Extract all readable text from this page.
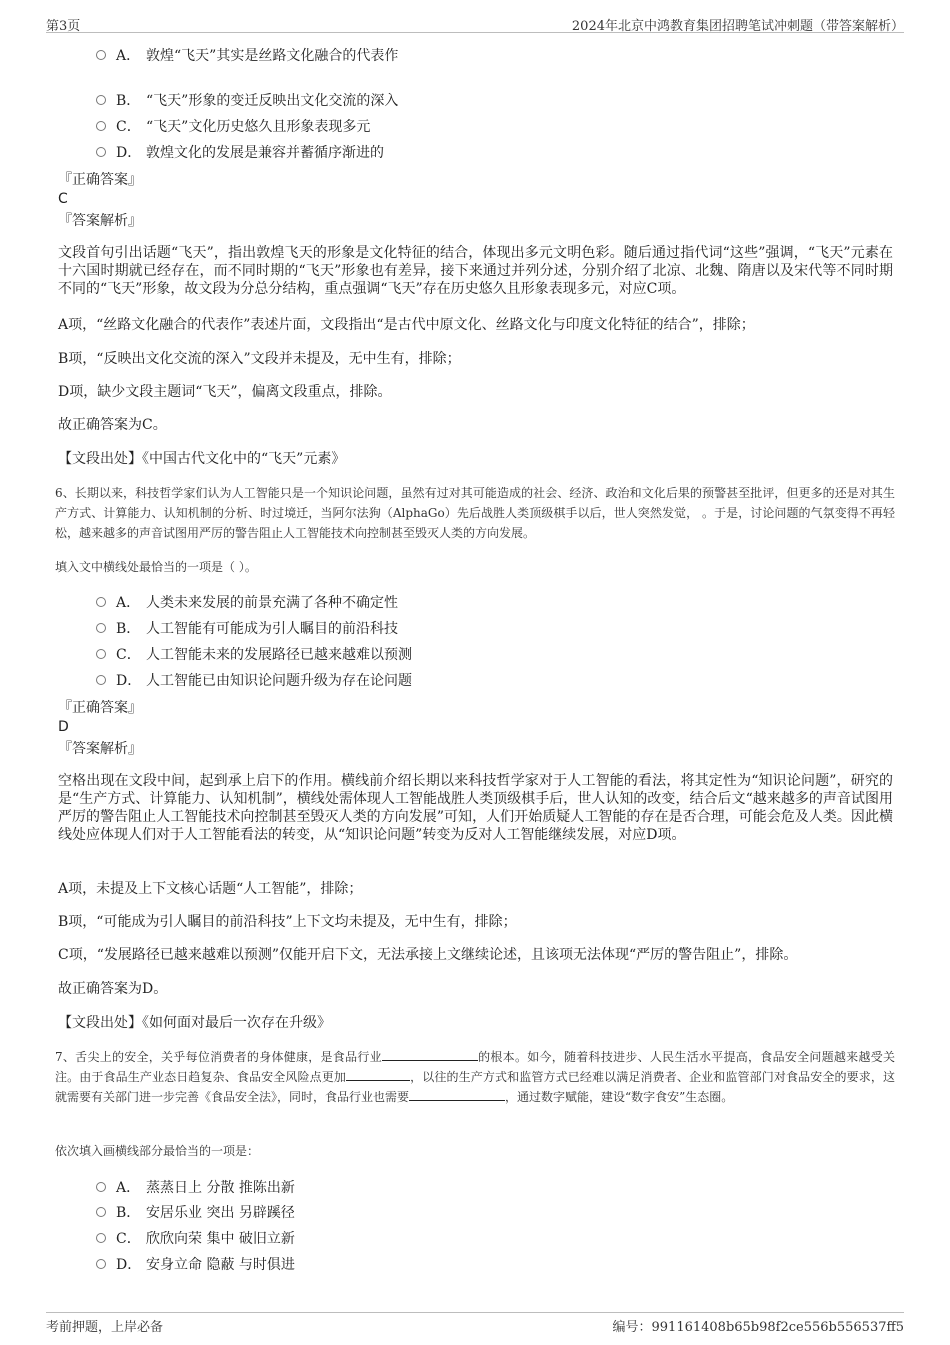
第3页	2024年北京中鸿教育集团招聘笔试冲刺题（带答案解析）
A． 敦煌“飞天”其实是丝路文化融合的代表作
B． “飞天”形象的变迁反映出文化交流的深入
C． “飞天”文化历史悠久且形象表现多元
D． 敦煌文化的发展是兼容并蓄循序渐进的
『正确答案』
C
『答案解析』
文段首句引出话题“飞天”，指出敦煌飞天的形象是文化特征的结合，体现出多元文明色彩。随后通过指代词“这些”强调，“飞天”元素在十六国时期就已经存在，而不同时期的“飞天”形象也有差异，接下来通过并列分述，分别介绍了北凉、北魏、隋唐以及宋代等不同时期不同的“飞天”形象，故文段为分总分结构，重点强调“飞天”存在历史悠久且形象表现多元，对应C项。
A项，“丝路文化融合的代表作”表述片面，文段指出“是古代中原文化、丝路文化与印度文化特征的结合”，排除；
B项，“反映出文化交流的深入”文段并未提及，无中生有，排除；
D项，缺少文段主题词“飞天”，偏离文段重点，排除。
故正确答案为C。
【文段出处】《中国古代文化中的“飞天”元素》
6、长期以来，科技哲学家们认为人工智能只是一个知识论问题，虽然有过对其可能造成的社会、经济、政治和文化后果的预警甚至批评，但更多的还是对其生产方式、计算能力、认知机制的分析、时过境迁，当阿尔法狗（AlphaGo）先后战胜人类顶级棋手以后，世人突然发觉， 。于是，讨论问题的气氛变得不再轻松，越来越多的声音试图用严厉的警告阻止人工智能技术向控制甚至毁灭人类的方向发展。
填入文中横线处最恰当的一项是（ ）。
A． 人类未来发展的前景充满了各种不确定性
B． 人工智能有可能成为引人瞩目的前沿科技
C． 人工智能未来的发展路径已越来越难以预测
D． 人工智能已由知识论问题升级为存在论问题
『正确答案』
D
『答案解析』
空格出现在文段中间，起到承上启下的作用。横线前介绍长期以来科技哲学家对于人工智能的看法，将其定性为“知识论问题”，研究的是“生产方式、计算能力、认知机制”，横线处需体现人工智能战胜人类顶级棋手后，世人认知的改变，结合后文“越来越多的声音试图用严厉的警告阻止人工智能技术向控制甚至毁灭人类的方向发展”可知，人们开始质疑人工智能的存在是否合理，可能会危及人类。因此横线处应体现人们对于人工智能看法的转变，从“知识论问题”转变为反对人工智能继续发展，对应D项。
A项，未提及上下文核心话题“人工智能”，排除；
B项，“可能成为引人瞩目的前沿科技”上下文均未提及，无中生有，排除；
C项，“发展路径已越来越难以预测”仅能开启下文，无法承接上文继续论述，且该项无法体现“严厉的警告阻止”，排除。
故正确答案为D。
【文段出处】《如何面对最后一次存在升级》
7、舌尖上的安全，关乎每位消费者的身体健康，是食品行业	的根本。如今，随着科技进步、人民生活水平提高，食品安全问题越来越受关注。由于食品生产业态日趋复杂、食品安全风险点更加	，以往的生产方式和监管方式已经难以满足消费者、企业和监管部门对食品安全的要求，这就需要有关部门进一步完善《食品安全法》，同时，食品行业也需要	，通过数字赋能，建设“数字食安”生态圈。
依次填入画横线部分最恰当的一项是：
A． 蒸蒸日上 分散 推陈出新
B． 安居乐业 突出 另辟蹊径
C． 欣欣向荣 集中 破旧立新
D． 安身立命 隐蔽 与时俱进
考前押题，上岸必备	编号：991161408b65b98f2ce556b556537ff5
